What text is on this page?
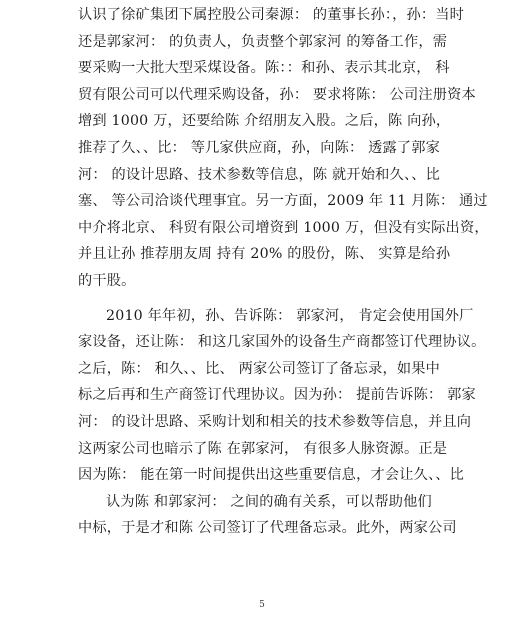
认识了徐矿集团下属控股公司秦源： 的董事长孙：，孙：当时
还是郭家河： 的负责人，负责整个郭家河 的筹备工作，需
要采购一大批大型采煤设备。陈：：和孙、表示其北京， 科
贸有限公司可以代理采购设备，孙： 要求将陈： 公司注册资本
增到 1000 万，还要给陈 介绍朋友入股。之后，陈 向孙，
推荐了久、、比： 等几家供应商，孙，向陈： 透露了郭家
河： 的设计思路、技术参数等信息，陈 就开始和久、、比
塞、 等公司洽谈代理事宜。另一方面，2009 年 11 月陈： 通过
中介将北京、 科贸有限公司增资到 1000 万，但没有实际出资，
并且让孙 推荐朋友周 持有 20% 的股份，陈、 实算是给孙
的干股。
2010 年年初，孙、告诉陈： 郭家河， 肯定会使用国外厂
家设备，还让陈： 和这几家国外的设备生产商都签订代理协议。
之后，陈： 和久、、比、 两家公司签订了备忘录，如果中
标之后再和生产商签订代理协议。因为孙： 提前告诉陈： 郭家
河： 的设计思路、采购计划和相关的技术参数等信息，并且向
这两家公司也暗示了陈 在郭家河， 有很多人脉资源。正是
因为陈： 能在第一时间提供出这些重要信息，才会让久、、比
认为陈 和郭家河： 之间的确有关系，可以帮助他们
中标，于是才和陈 公司签订了代理备忘录。此外，两家公司
5
